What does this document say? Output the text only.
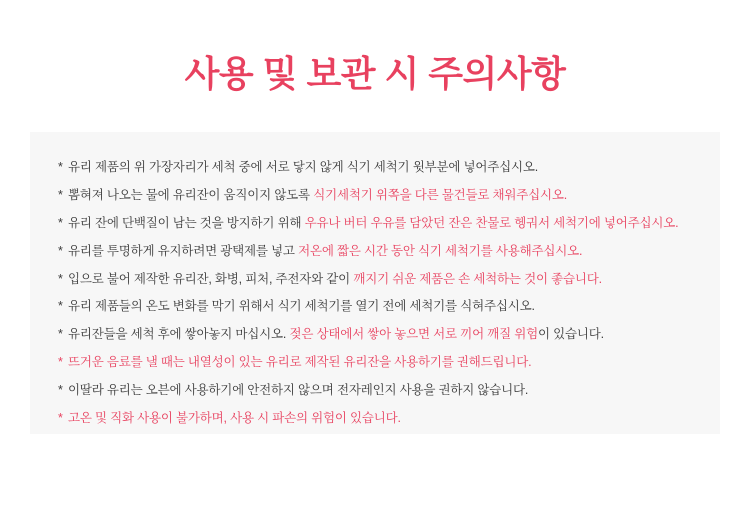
사용 및 보관 시 주의사항
* 유리 제품의 위 가장자리가 세척 중에 서로 닿지 않게 식기 세척기 윗부분에 넣어주십시오.
* 뽐혀져 나오는 물에 유리잔이 움직이지 않도록 식기세척기 위쪽을 다른 물건들로 채워주십시오.
* 유리 잔에 단백질이 남는 것을 방지하기 위해 우유나 버터 우유를 담았던 잔은 찬물로 헹궈서 세척기에 넣어주십시오.
* 유리를 투명하게 유지하려면 광택제를 넣고 저온에 짧은 시간 동안 식기 세척기를 사용해주십시오.
* 입으로 불어 제작한 유리잔, 화병, 피처, 주전자와 같이 깨지기 쉬운 제품은 손 세척하는 것이 좋습니다.
* 유리 제품들의 온도 변화를 막기 위해서 식기 세척기를 열기 전에 세척기를 식혀주십시오.
* 유리잔들을 세척 후에 쌓아놓지 마십시오. 젖은 상태에서 쌓아 놓으면 서로 끼어 깨질 위험이 있습니다.
* 뜨거운 음료를 낼 때는 내열성이 있는 유리로 제작된 유리잔을 사용하기를 권해드립니다.
* 이딸라 유리는 오븐에 사용하기에 안전하지 않으며 전자레인지 사용을 권하지 않습니다.
* 고온 및 직화 사용이 불가하며, 사용 시 파손의 위험이 있습니다.
